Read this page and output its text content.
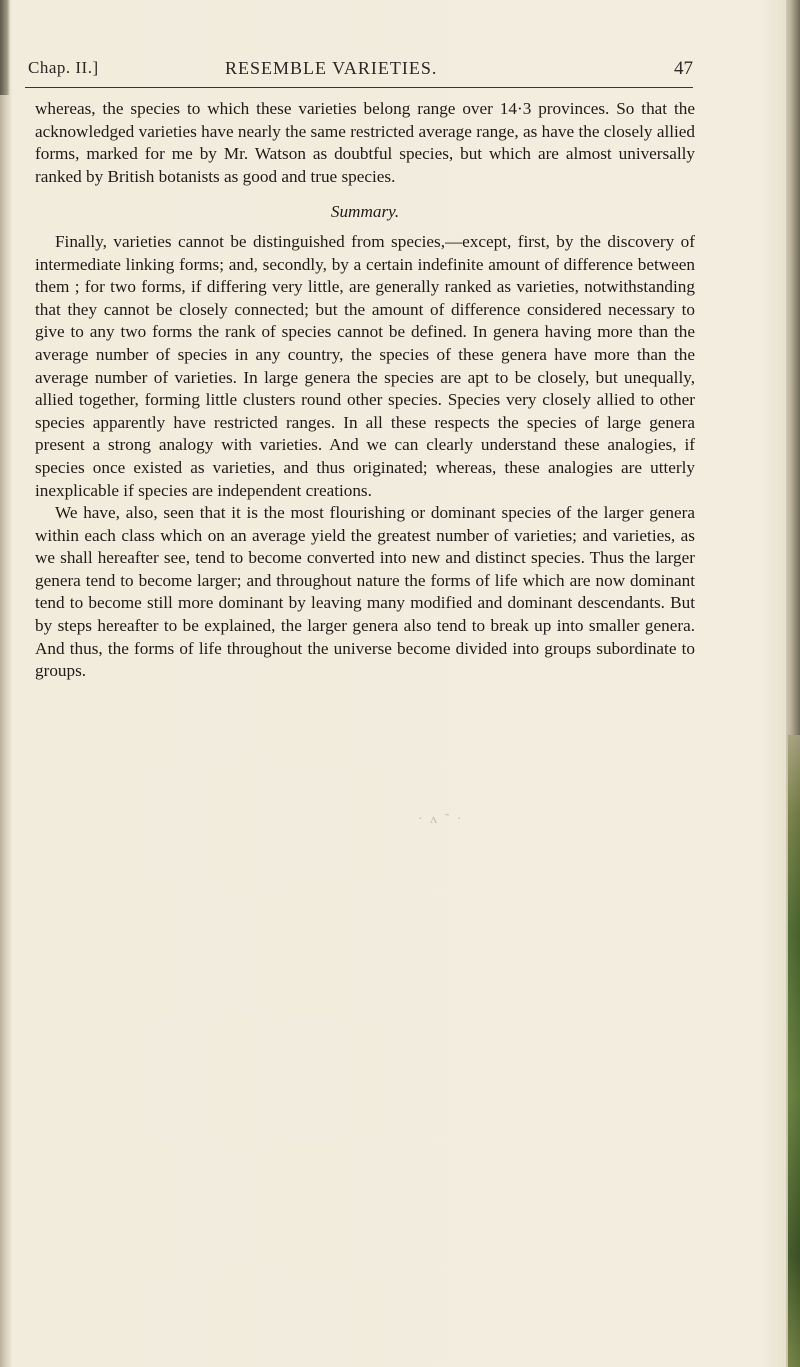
Chap. II.]	RESEMBLE VARIETIES.	47

whereas, the species to which these varieties belong range over 14·3 provinces. So that the acknowledged varieties have nearly the same restricted average range, as have the closely allied forms, marked for me by Mr. Watson as doubtful species, but which are almost universally ranked by British botanists as good and true species.

Summary.

Finally, varieties cannot be distinguished from species,—except, first, by the discovery of intermediate linking forms; and, secondly, by a certain indefinite amount of difference between them ; for two forms, if differing very little, are generally ranked as varieties, notwithstanding that they cannot be closely connected; but the amount of difference considered necessary to give to any two forms the rank of species cannot be defined. In genera having more than the average number of species in any country, the species of these genera have more than the average number of varieties. In large genera the species are apt to be closely, but unequally, allied together, forming little clusters round other species. Species very closely allied to other species apparently have restricted ranges. In all these respects the species of large genera present a strong analogy with varieties. And we can clearly understand these analogies, if species once existed as varieties, and thus originated; whereas, these analogies are utterly inexplicable if species are independent creations.

We have, also, seen that it is the most flourishing or dominant species of the larger genera within each class which on an average yield the greatest number of varieties; and varieties, as we shall hereafter see, tend to become converted into new and distinct species. Thus the larger genera tend to become larger; and throughout nature the forms of life which are now dominant tend to become still more dominant by leaving many modified and dominant descendants. But by steps hereafter to be explained, the larger genera also tend to break up into smaller genera. And thus, the forms of life throughout the universe become divided into groups subordinate to groups.

· ʌ ˜ ·
